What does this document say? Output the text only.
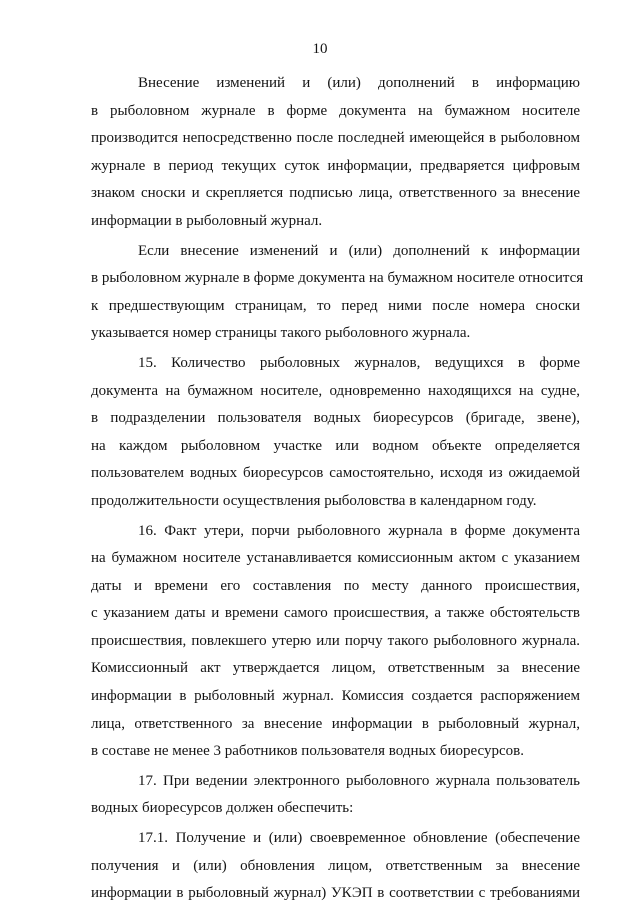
10

Внесение изменений и (или) дополнений в информацию
в рыболовном журнале в форме документа на бумажном носителе
производится непосредственно после последней имеющейся в рыболовном
журнале в период текущих суток информации, предваряется цифровым
знаком сноски и скрепляется подписью лица, ответственного за внесение
информации в рыболовный журнал.

Если внесение изменений и (или) дополнений к информации
в рыболовном журнале в форме документа на бумажном носителе относится
к предшествующим страницам, то перед ними после номера сноски
указывается номер страницы такого рыболовного журнала.

15. Количество рыболовных журналов, ведущихся в форме
документа на бумажном носителе, одновременно находящихся на судне,
в подразделении пользователя водных биоресурсов (бригаде, звене),
на каждом рыболовном участке или водном объекте определяется
пользователем водных биоресурсов самостоятельно, исходя из ожидаемой
продолжительности осуществления рыболовства в календарном году.

16. Факт утери, порчи рыболовного журнала в форме документа
на бумажном носителе устанавливается комиссионным актом с указанием
даты и времени его составления по месту данного происшествия,
с указанием даты и времени самого происшествия, а также обстоятельств
происшествия, повлекшего утерю или порчу такого рыболовного журнала.
Комиссионный акт утверждается лицом, ответственным за внесение
информации в рыболовный журнал. Комиссия создается распоряжением
лица, ответственного за внесение информации в рыболовный журнал,
в составе не менее 3 работников пользователя водных биоресурсов.

17. При ведении электронного рыболовного журнала пользователь
водных биоресурсов должен обеспечить:

17.1. Получение и (или) своевременное обновление (обеспечение
получения и (или) обновления лицом, ответственным за внесение
информации в рыболовный журнал) УКЭП в соответствии с требованиями
